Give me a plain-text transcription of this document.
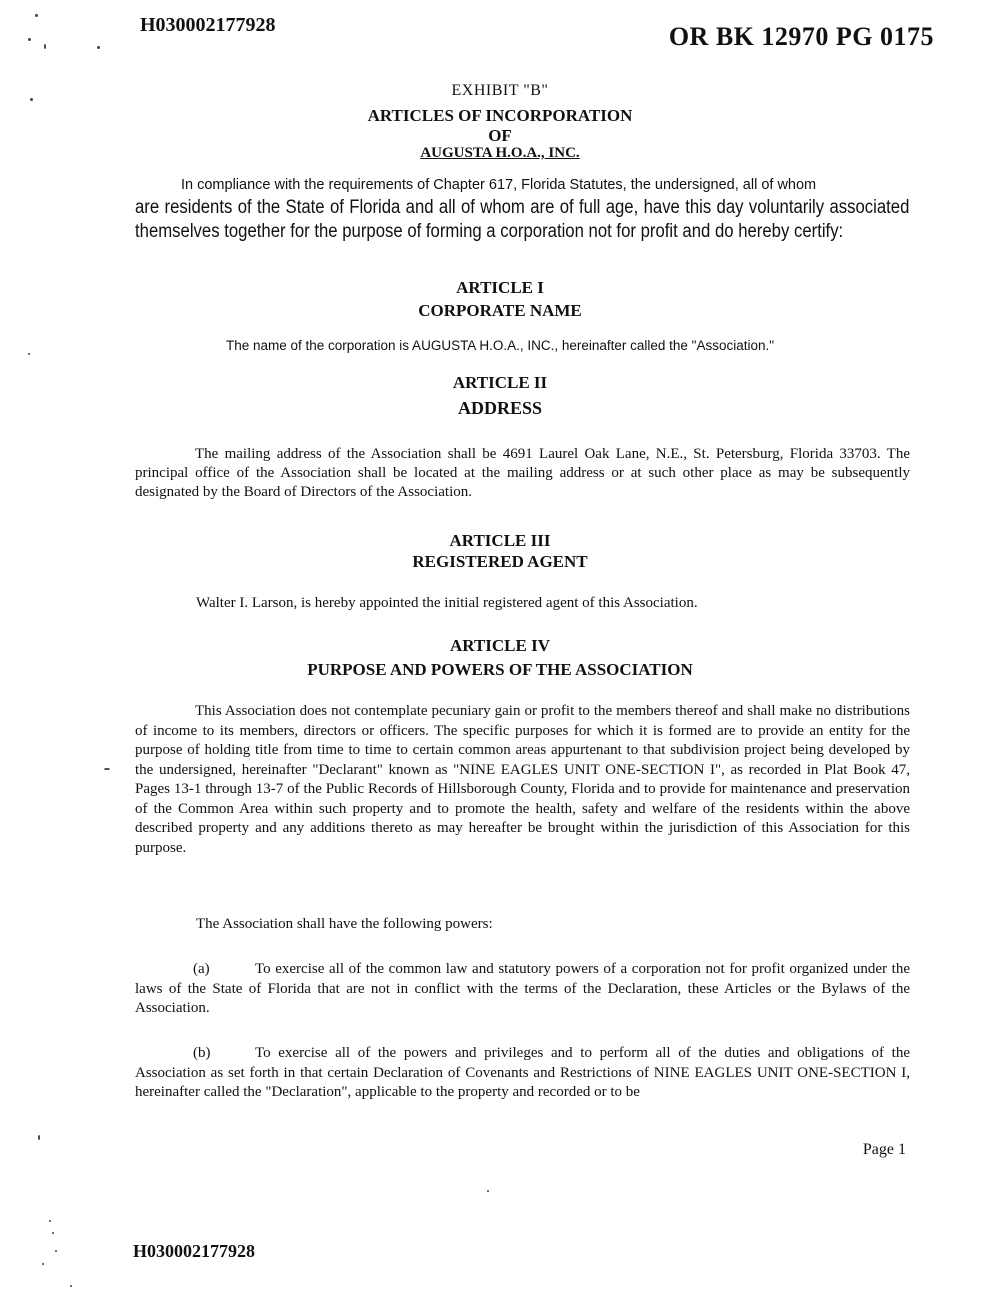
H030002177928	OR BK 12970 PG 0175
EXHIBIT "B"
ARTICLES OF INCORPORATION
OF
AUGUSTA H.O.A., INC.
In compliance with the requirements of Chapter 617, Florida Statutes, the undersigned, all of whom
are residents of the State of Florida and all of whom are of full age, have this day voluntarily associated themselves together for the purpose of forming a corporation not for profit and do hereby certify:
ARTICLE I
CORPORATE NAME
The name of the corporation is AUGUSTA H.O.A., INC., hereinafter called the "Association."
ARTICLE II
ADDRESS
The mailing address of the Association shall be 4691 Laurel Oak Lane, N.E., St. Petersburg, Florida 33703. The principal office of the Association shall be located at the mailing address or at such other place as may be subsequently designated by the Board of Directors of the Association.
ARTICLE III
REGISTERED AGENT
Walter I. Larson, is hereby appointed the initial registered agent of this Association.
ARTICLE IV
PURPOSE AND POWERS OF THE ASSOCIATION
This Association does not contemplate pecuniary gain or profit to the members thereof and shall make no distributions of income to its members, directors or officers. The specific purposes for which it is formed are to provide an entity for the purpose of holding title from time to time to certain common areas appurtenant to that subdivision project being developed by the undersigned, hereinafter "Declarant" known as "NINE EAGLES UNIT ONE-SECTION I", as recorded in Plat Book 47, Pages 13-1 through 13-7 of the Public Records of Hillsborough County, Florida and to provide for maintenance and preservation of the Common Area within such property and to promote the health, safety and welfare of the residents within the above described property and any additions thereto as may hereafter be brought within the jurisdiction of this Association for this purpose.
The Association shall have the following powers:
(a)	To exercise all of the common law and statutory powers of a corporation not for profit organized under the laws of the State of Florida that are not in conflict with the terms of the Declaration, these Articles or the Bylaws of the Association.
(b)	To exercise all of the powers and privileges and to perform all of the duties and obligations of the Association as set forth in that certain Declaration of Covenants and Restrictions of NINE EAGLES UNIT ONE-SECTION I, hereinafter called the "Declaration", applicable to the property and recorded or to be
Page 1
H030002177928
